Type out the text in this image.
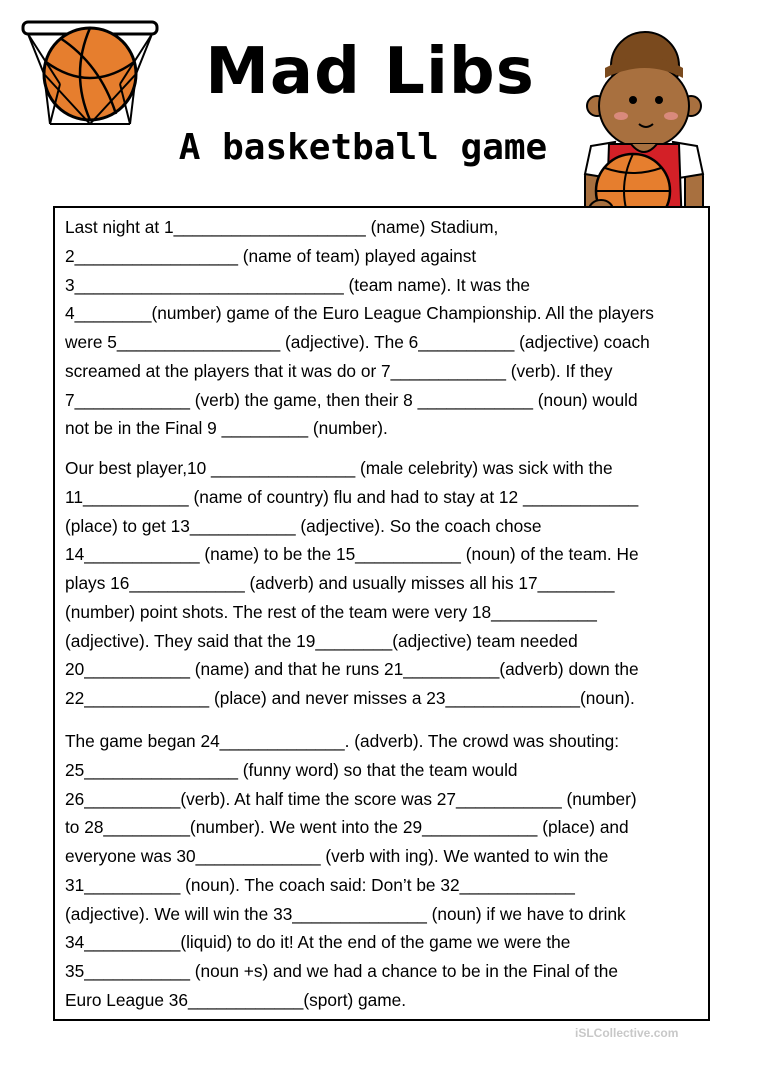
Mad Libs
A basketball game
Last night at 1____________________ (name) Stadium,
2_________________ (name of team) played against
3____________________________ (team name). It was the
4________(number) game of the Euro League Championship. All the players
were 5_________________ (adjective). The 6__________ (adjective) coach
screamed at the players that it was do or 7____________ (verb). If they
7____________ (verb) the game, then their 8 ____________ (noun) would
not be in the Final 9 _________ (number).
Our best player,10 _______________ (male celebrity) was sick with the
11___________ (name of country) flu and had to stay at 12 ____________
(place) to get 13___________ (adjective). So the coach chose
14____________ (name) to be the 15___________ (noun) of the team. He
plays 16____________ (adverb) and usually misses all his 17________
(number) point shots. The rest of the team were very 18___________
(adjective). They said that the 19________(adjective) team needed
20___________ (name) and that he runs 21__________(adverb) down the
22_____________ (place) and never misses a 23______________(noun).
The game began 24_____________. (adverb). The crowd was shouting:
25________________ (funny word) so that the team would
26__________(verb). At half time the score was 27___________ (number)
to 28_________(number). We went into the 29____________ (place) and
everyone was 30_____________ (verb with ing). We wanted to win the
31__________ (noun). The coach said: Don’t be 32____________
(adjective). We will win the 33______________ (noun) if we have to drink
34__________(liquid) to do it! At the end of the game we were the
35___________ (noun +s) and we had a chance to be in the Final of the
Euro League 36____________(sport) game.
iSLCollective.com
